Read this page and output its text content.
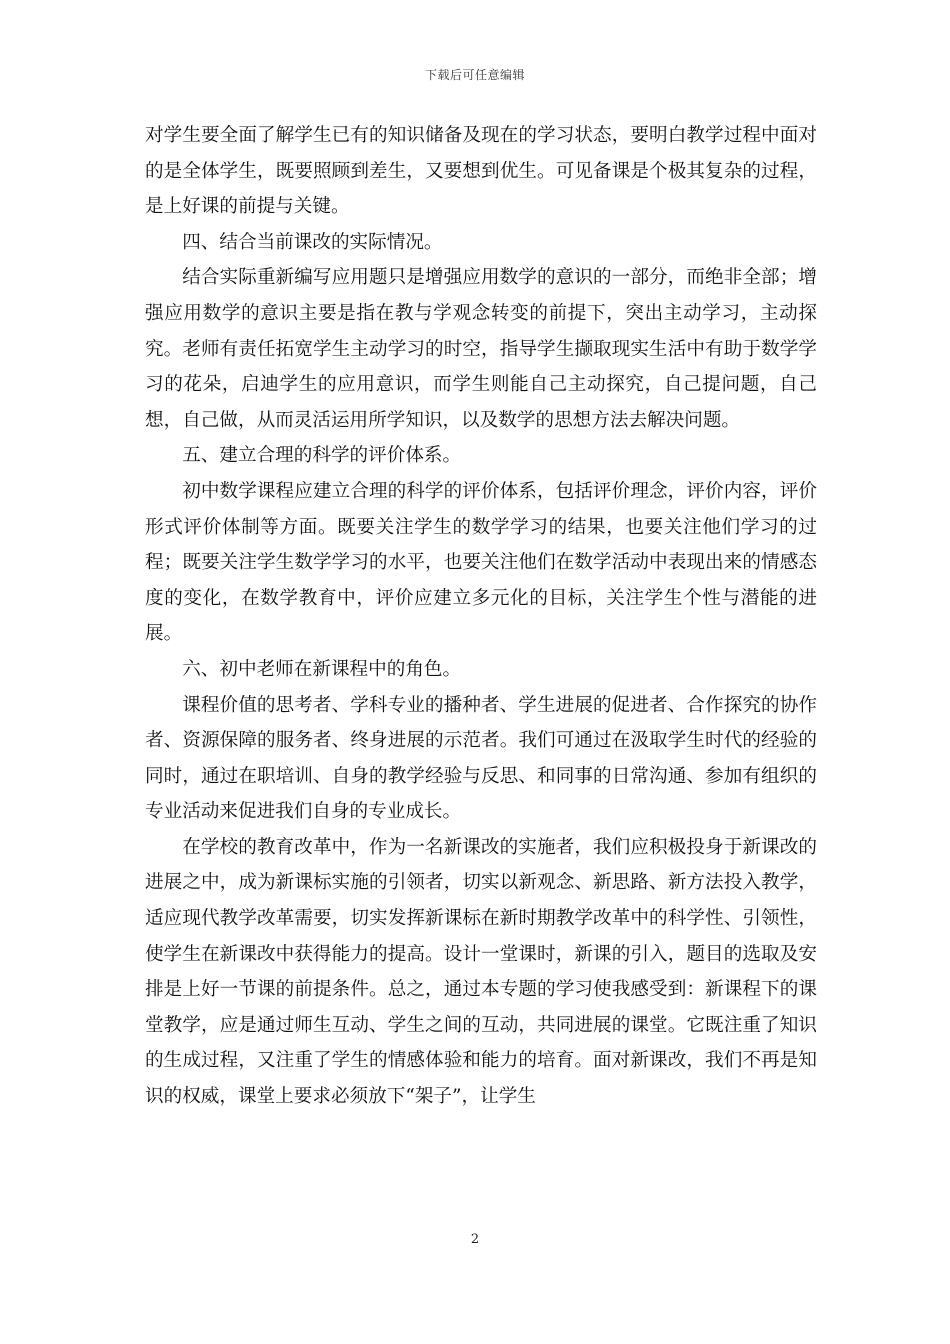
下载后可任意编辑

对学生要全面了解学生已有的知识储备及现在的学习状态，要明白教学过程中面对的是全体学生，既要照顾到差生，又要想到优生。可见备课是个极其复杂的过程，是上好课的前提与关键。

四、结合当前课改的实际情况。

结合实际重新编写应用题只是增强应用数学的意识的一部分，而绝非全部；增强应用数学的意识主要是指在教与学观念转变的前提下，突出主动学习，主动探究。老师有责任拓宽学生主动学习的时空，指导学生撷取现实生活中有助于数学学习的花朵，启迪学生的应用意识，而学生则能自己主动探究，自己提问题，自己想，自己做，从而灵活运用所学知识，以及数学的思想方法去解决问题。

五、建立合理的科学的评价体系。

初中数学课程应建立合理的科学的评价体系，包括评价理念，评价内容，评价形式评价体制等方面。既要关注学生的数学学习的结果，也要关注他们学习的过程；既要关注学生数学学习的水平，也要关注他们在数学活动中表现出来的情感态度的变化，在数学教育中，评价应建立多元化的目标，关注学生个性与潜能的进展。

六、初中老师在新课程中的角色。

课程价值的思考者、学科专业的播种者、学生进展的促进者、合作探究的协作者、资源保障的服务者、终身进展的示范者。我们可通过在汲取学生时代的经验的同时，通过在职培训、自身的教学经验与反思、和同事的日常沟通、参加有组织的专业活动来促进我们自身的专业成长。

在学校的教育改革中，作为一名新课改的实施者，我们应积极投身于新课改的进展之中，成为新课标实施的引领者，切实以新观念、新思路、新方法投入教学，适应现代教学改革需要，切实发挥新课标在新时期教学改革中的科学性、引领性，使学生在新课改中获得能力的提高。设计一堂课时，新课的引入，题目的选取及安排是上好一节课的前提条件。总之，通过本专题的学习使我感受到：新课程下的课堂教学，应是通过师生互动、学生之间的互动，共同进展的课堂。它既注重了知识的生成过程，又注重了学生的情感体验和能力的培育。面对新课改，我们不再是知识的权威，课堂上要求必须放下“架子”，让学生

2
